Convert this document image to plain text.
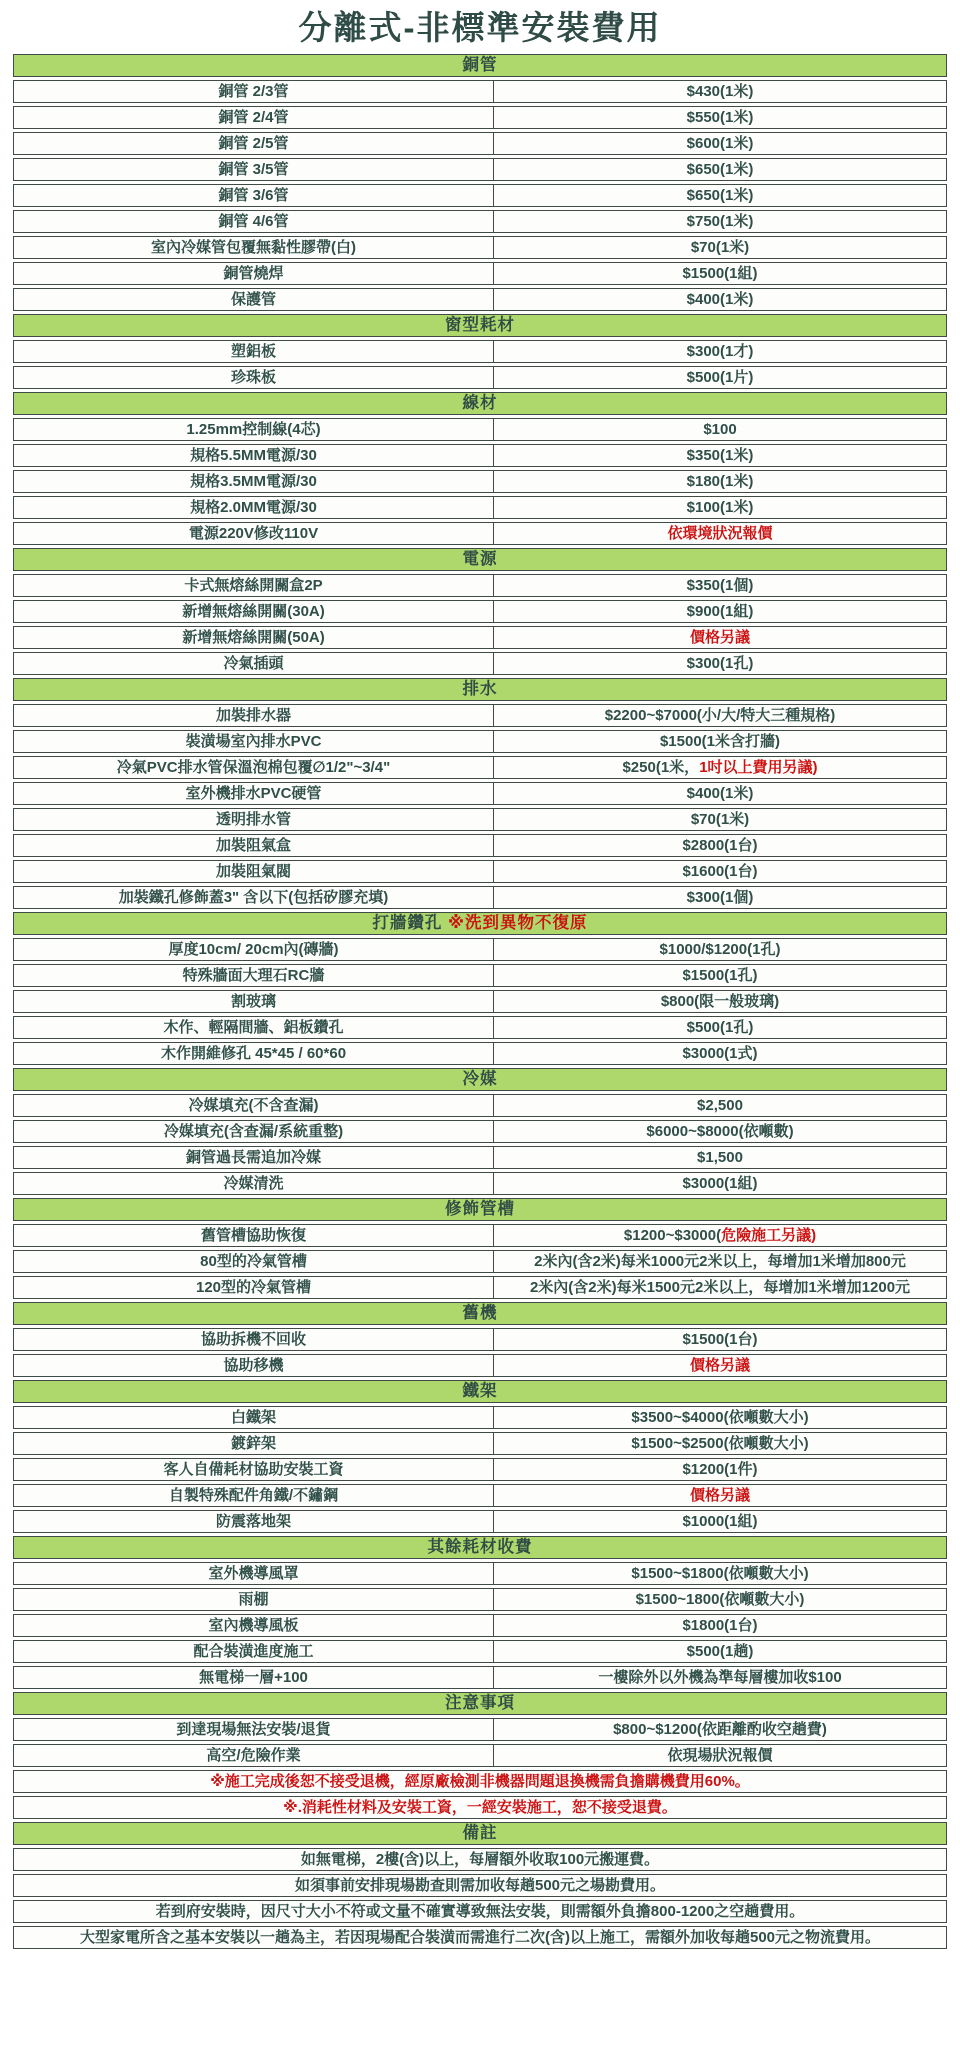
分離式-非標準安裝費用
銅管	
銅管 2/3管	$430(1米)
銅管 2/4管	$550(1米)
銅管 2/5管	$600(1米)
銅管 3/5管	$650(1米)
銅管 3/6管	$650(1米)
銅管 4/6管	$750(1米)
室內冷媒管包覆無黏性膠帶(白)	$70(1米)
銅管燒焊	$1500(1組)
保護管	$400(1米)
窗型耗材	
塑鋁板	$300(1才)
珍珠板	$500(1片)
線材	
1.25mm控制線(4芯)	$100
規格5.5MM電源/30	$350(1米)
規格3.5MM電源/30	$180(1米)
規格2.0MM電源/30	$100(1米)
電源220V修改110V	依環境狀況報價
電源	
卡式無熔絲開關盒2P	$350(1個)
新增無熔絲開關(30A)	$900(1組)
新增無熔絲開關(50A)	價格另議
冷氣插頭	$300(1孔)
排水	
加裝排水器	$2200~$7000(小/大/特大三種規格)
裝潢場室內排水PVC	$1500(1米含打牆)
冷氣PVC排水管保溫泡棉包覆∅1/2"~3/4"	$250(1米，1吋以上費用另議)
室外機排水PVC硬管	$400(1米)
透明排水管	$70(1米)
加裝阻氣盒	$2800(1台)
加裝阻氣閥	$1600(1台)
加裝鐵孔修飾蓋3" 含以下(包括矽膠充填)	$300(1個)
打牆鑽孔 ※洗到異物不復原	
厚度10cm/ 20cm內(磚牆)	$1000/$1200(1孔)
特殊牆面大理石RC牆	$1500(1孔)
割玻璃	$800(限一般玻璃)
木作、輕隔間牆、鋁板鑽孔	$500(1孔)
木作開維修孔 45*45 / 60*60	$3000(1式)
冷媒	
冷媒填充(不含查漏)	$2,500
冷媒填充(含查漏/系統重整)	$6000~$8000(依噸數)
銅管過長需追加冷媒	$1,500
冷媒清洗	$3000(1組)
修飾管槽	
舊管槽協助恢復	$1200~$3000(危險施工另議)
80型的冷氣管槽	2米內(含2米)每米1000元2米以上，每增加1米增加800元
120型的冷氣管槽	2米內(含2米)每米1500元2米以上，每增加1米增加1200元
舊機	
協助拆機不回收	$1500(1台)
協助移機	價格另議
鐵架	
白鐵架	$3500~$4000(依噸數大小)
鍍鋅架	$1500~$2500(依噸數大小)
客人自備耗材協助安裝工資	$1200(1件)
自製特殊配件角鐵/不鏽鋼	價格另議
防震落地架	$1000(1組)
其餘耗材收費	
室外機導風罩	$1500~$1800(依噸數大小)
雨棚	$1500~1800(依噸數大小)
室內機導風板	$1800(1台)
配合裝潢進度施工	$500(1趟)
無電梯一層+100	一樓除外以外機為準每層樓加收$100
注意事項	
到達現場無法安裝/退貨	$800~$1200(依距離酌收空趟費)
高空/危險作業	依現場狀況報價
※施工完成後恕不接受退機，經原廠檢測非機器問題退換機需負擔購機費用60%。	
※.消耗性材料及安裝工資，一經安裝施工，恕不接受退費。	
備註	
如無電梯，2樓(含)以上，每層額外收取100元搬運費。	
如須事前安排現場勘查則需加收每趟500元之場勘費用。	
若到府安裝時，因尺寸大小不符或文量不確實導致無法安裝，則需額外負擔800-1200之空趟費用。	
大型家電所含之基本安裝以一趟為主，若因現場配合裝潢而需進行二次(含)以上施工，需額外加收每趟500元之物流費用。	
